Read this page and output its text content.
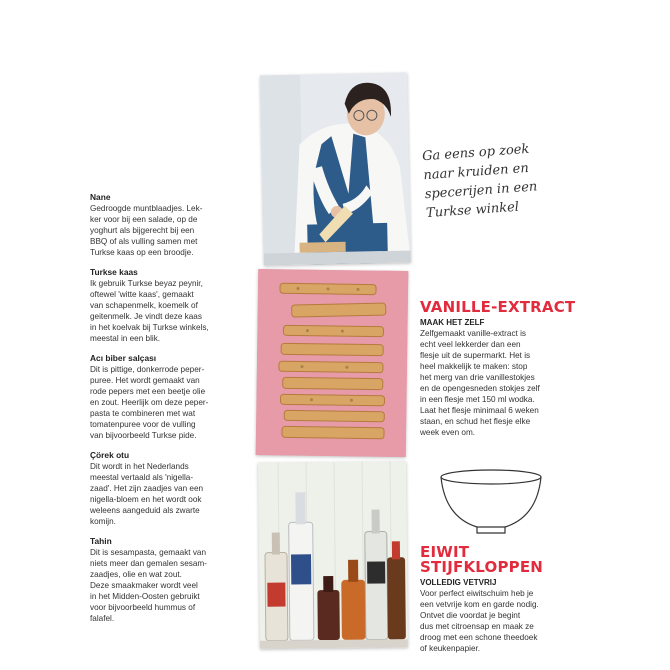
Nane
Gedroogde muntblaadjes. Lek-
ker voor bij een salade, op de
yoghurt als bijgerecht bij een
BBQ of als vulling samen met
Turkse kaas op een broodje.
Turkse kaas
Ik gebruik Turkse beyaz peynir,
oftewel 'witte kaas', gemaakt
van schapenmelk, koemelk of
geitenmelk. Je vindt deze kaas
in het koelvak bij Turkse winkels,
meestal in een blik.
Acı biber salçası
Dit is pittige, donkerrode peper-
puree. Het wordt gemaakt van
rode pepers met een beetje olie
en zout. Heerlijk om deze peper-
pasta te combineren met wat
tomatenpuree voor de vulling
van bijvoorbeeld Turkse pide.
Çörek otu
Dit wordt in het Nederlands
meestal vertaald als 'nigella-
zaad'. Het zijn zaadjes van een
nigella-bloem en het wordt ook
weleens aangeduid als zwarte
komijn.
Tahin
Dit is sesampasta, gemaakt van
niets meer dan gemalen sesam-
zaadjes, olie en wat zout.
Deze smaakmaker wordt veel
in het Midden-Oosten gebruikt
voor bijvoorbeeld hummus of
falafel.
Ga eens op zoek
naar kruiden en
specerijen in een
Turkse winkel
VANILLE-EXTRACT
MAAK HET ZELF
Zelfgemaakt vanille-extract is
echt veel lekkerder dan een
flesje uit de supermarkt. Het is
heel makkelijk te maken: stop
het merg van drie vanillestokjes
en de opengesneden stokjes zelf
in een flesje met 150 ml wodka.
Laat het flesje minimaal 6 weken
staan, en schud het flesje elke
week even om.
EIWIT
STIJFKLOPPEN
VOLLEDIG VETVRIJ
Voor perfect eiwitschuim heb je
een vetvrije kom en garde nodig.
Ontvet die voordat je begint
dus met citroensap en maak ze
droog met een schone theedoek
of keukenpapier.
